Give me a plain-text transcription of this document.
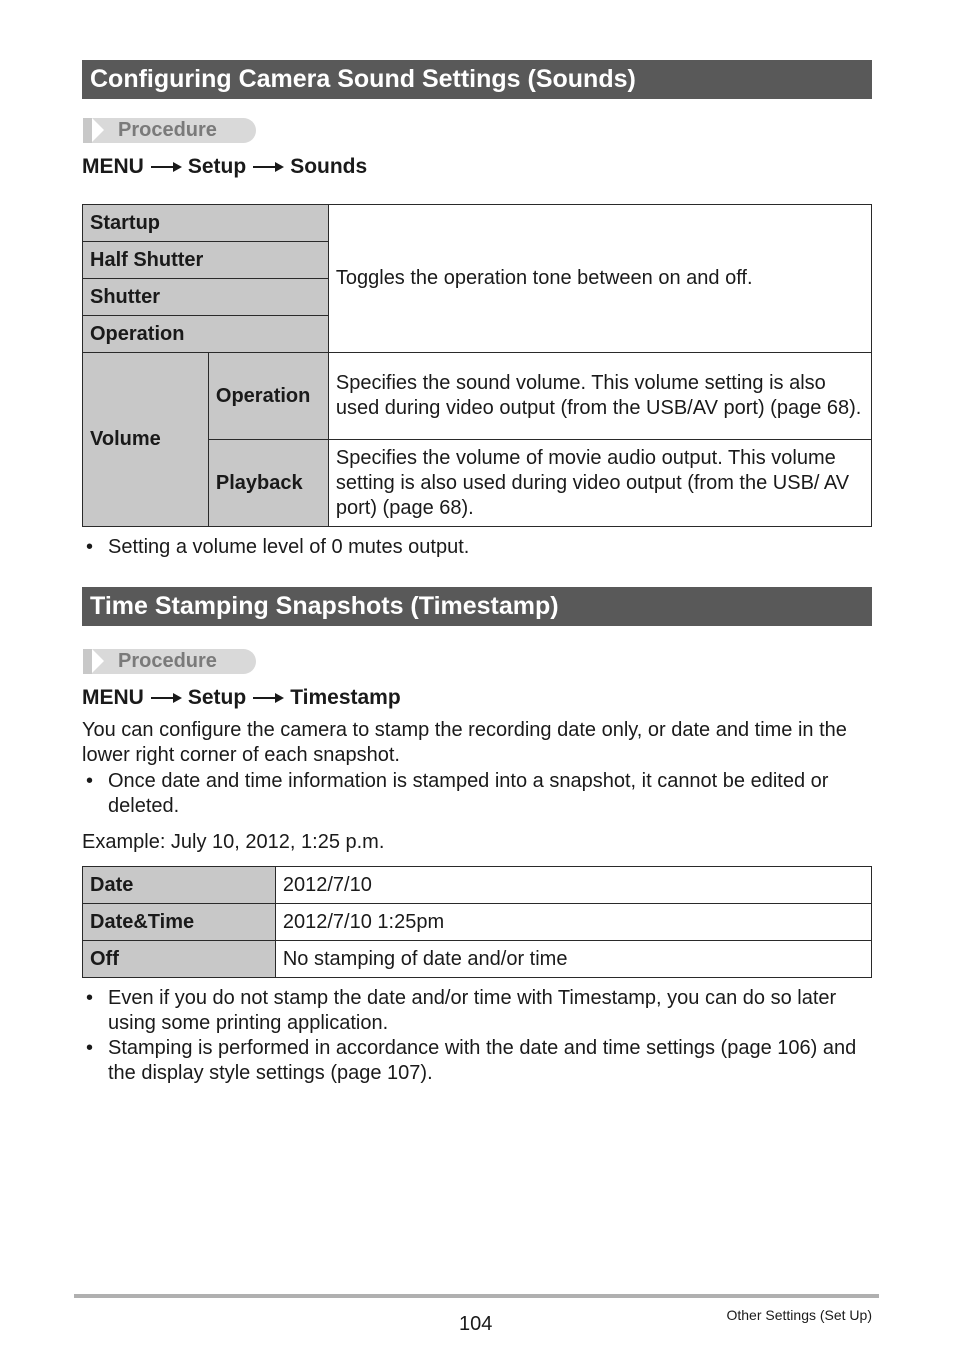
Configuring Camera Sound Settings (Sounds)
Procedure
MENU Setup Sounds
Startup		Toggles the operation tone between on and off.
Half Shutter		
Shutter		
Operation		
Volume	Operation	Specifies the sound volume. This volume setting is also used during video output (from the USB/AV port) (page 68).
	Playback	Specifies the volume of movie audio output. This volume setting is also used during video output (from the USB/ AV port) (page 68).
• Setting a volume level of 0 mutes output.
Time Stamping Snapshots (Timestamp)
Procedure
MENU Setup Timestamp
You can configure the camera to stamp the recording date only, or date and time in the lower right corner of each snapshot.
• Once date and time information is stamped into a snapshot, it cannot be edited or deleted.
Example: July 10, 2012, 1:25 p.m.
Date	2012/7/10
Date&Time	2012/7/10 1:25pm
Off	No stamping of date and/or time
• Even if you do not stamp the date and/or time with Timestamp, you can do so later using some printing application.
• Stamping is performed in accordance with the date and time settings (page 106) and the display style settings (page 107).
104	Other Settings (Set Up)
